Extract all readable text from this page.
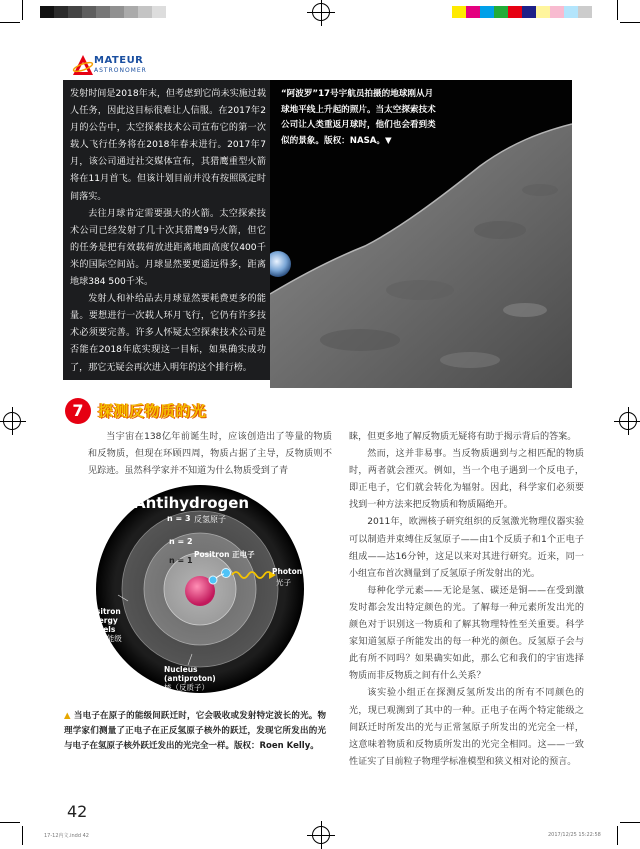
MATEUR
ASTRONOMER

发射时间是2018年末，但考虑到它尚未实施过载人任务，因此这目标很难让人信服。在2017年2月的公告中，太空探索技术公司宣布它的第一次载人飞行任务将在2018年春末进行。2017年7月，该公司通过社交媒体宣布，其猎鹰重型火箭将在11月首飞。但该计划目前并没有按照既定时间落实。

去往月球肯定需要强大的火箭。太空探索技术公司已经发射了几十次其猎鹰9号火箭，但它的任务是把有效载荷放进距离地面高度仅400千米的国际空间站。月球显然要更遥远得多，距离地球384 500千米。

发射人和补给品去月球显然要耗费更多的能量。要想进行一次载人环月飞行，它仍有许多技术必须要完善。许多人怀疑太空探索技术公司是否能在2018年底实现这一目标，如果确实成功了，那它无疑会再次进入明年的这个排行榜。

“阿波罗”17号宇航员拍摄的地球刚从月球地平线上升起的照片。当太空探索技术公司让人类重返月球时，他们也会看到类似的景象。版权：NASA。▼
7 探测反物质的光

当宇宙在138亿年前诞生时，应该创造出了等量的物质和反物质，但现在环顾四周，物质占据了主导，反物质则不见踪迹。虽然科学家并不知道为什么物质受到了青

睐，但更多地了解反物质无疑将有助于揭示背后的答案。

然而，这并非易事。当反物质遇到与之相匹配的物质时，两者就会湮灭。例如，当一个电子遇到一个反电子，即正电子，它们就会转化为辐射。因此，科学家们必须要找到一种方法来把反物质和物质隔绝开。

2011年，欧洲核子研究组织的反氢激光物理仪器实验可以制造并束缚住反氢原子——由1个反质子和1个正电子组成——达16分钟，这足以来对其进行研究。近来，同一小组宣布首次测量到了反氢原子所发射出的光。

每种化学元素——无论是氢、碳还是铜——在受到激发时都会发出特定颜色的光。了解每一种元素所发出光的颜色对于识别这一物质和了解其物理特性至关重要。科学家知道氢原子所能发出的每一种光的颜色。反氢原子会与此有所不同吗？如果确实如此，那么它和我们的宇宙选择物质而非反物质之间有什么关系？

该实验小组正在探测反氢所发出的所有不同颜色的光，现已观测到了其中的一种。正电子在两个特定能级之间跃迁时所发出的光与正常氢原子所发出的光完全一样，这意味着物质和反物质所发出的光完全相同。这——一致性证实了目前粒子物理学标准模型和狭义相对论的预言。

Antihydrogen
n = 3 反氢原子
n = 2
n = 1
Positron 正电子
Photon
光子
Positron
energy
levels
正电子能级
Nucleus
(antiproton)
核（反质子）
▲ 当电子在原子的能级间跃迁时，它会吸收或发射特定波长的光。物理学家们测量了正电子在正反氢原子核外的跃迁，发现它所发出的光与电子在氢原子核外跃迁发出的光完全一样。版权：Roen Kelly。
42
17-12内文.indd 42	2017/12/25 15:22:58
